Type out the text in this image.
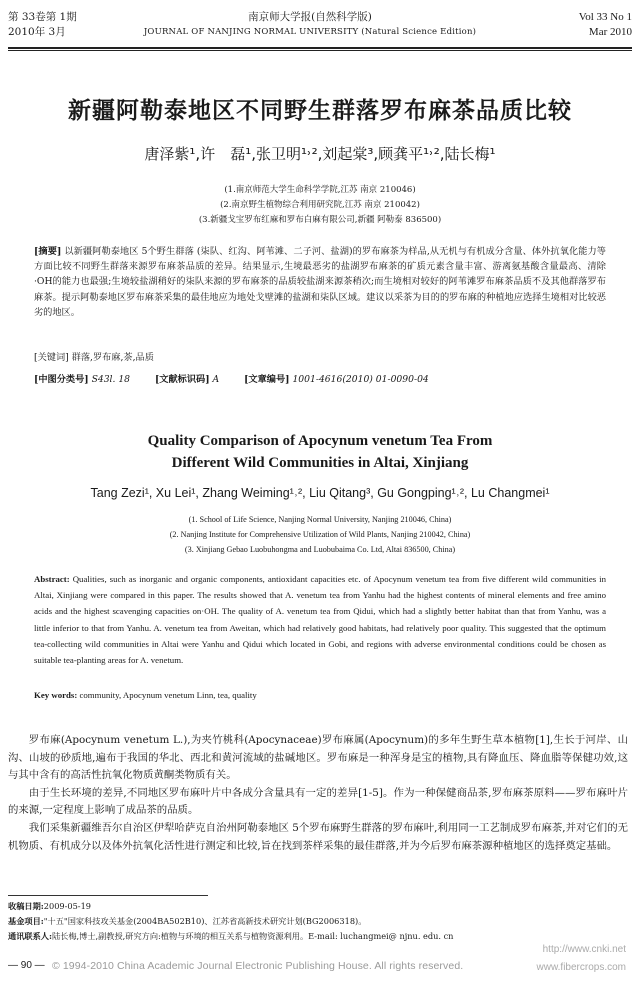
第 33卷第 1期
2010年 3月
南京师大学报(自然科学版)
JOURNAL OF NANJING NORMAL UNIVERSITY (Natural Science Edition)
Vol 33 No 1
Mar 2010
新疆阿勒泰地区不同野生群落罗布麻茶品质比较
唐泽紫¹,许　磊¹,张卫明¹˒²,刘起棠³,顾龚平¹˒²,陆长梅¹
(1.南京师范大学生命科学学院,江苏 南京 210046)
(2.南京野生植物综合利用研究院,江苏 南京 210042)
(3.新疆戈宝罗布红麻和罗布白麻有限公司,新疆 阿勒泰 836500)
[摘要] 以新疆阿勒泰地区 5个野生群落 (柒队、红沟、阿苇滩、二子河、盐湖)的罗布麻茶为样品,从无机与有机成分含量、体外抗氧化能力等方面比较不同野生群落来源罗布麻茶品质的差异。结果显示,生境最恶劣的盐湖罗布麻茶的矿质元素含量丰富、游离氨基酸含量最高、清除·OH的能力也最强;生境较盐湖稍好的柒队来源的罗布麻茶的品质较盐湖来源茶稍次;而生境相对较好的阿苇滩罗布麻茶品质不及其他群落罗布麻茶。提示阿勒泰地区罗布麻茶采集的最佳地应为地处戈壁滩的盐湖和柒队区域。建议以采茶为目的的罗布麻的种植地应选择生境相对比较恶劣的地区。
[关键词] 群落,罗布麻,茶,品质
[中图分类号] S43l. 18	[文献标识码] A	[文章编号] 1001-4616(2010) 01-0090-04
Quality Comparison of Apocynum venetum Tea From
Different Wild Communities in Altai, Xinjiang
Tang Zezi¹, Xu Lei¹, Zhang Weiming¹˒², Liu Qitang³, Gu Gongping¹˒², Lu Changmei¹
(1. School of Life Science, Nanjing Normal University, Nanjing 210046, China)
(2. Nanjing Institute for Comprehensive Utilization of Wild Plants, Nanjing 210042, China)
(3. Xinjiang Gebao Luobuhongma and Luobubaima Co. Ltd, Altai 836500, China)
Abstract: Qualities, such as inorganic and organic components, antioxidant capacities etc. of Apocynum venetum tea from five different wild communities in Altai, Xinjiang were compared in this paper. The results showed that A. venetum tea from Yanhu had the highest contents of mineral elements and free amino acids and the highest scavenging capacities on·OH. The quality of A. venetum tea from Qidui, which had a slightly better habitat than that from Yanhu, was a little inferior to that from Yanhu. A. venetum tea from Aweitan, which had relatively good habitats, had relatively poor quality. This suggested that the optimum tea-collecting wild communities in Altai were Yanhu and Qidui which located in Gobi, and regions with adverse environmental conditions could be chosen as suitable tea-planting areas for A. venetum.
Key words: community, Apocynum venetum Linn, tea, quality

罗布麻(Apocynum venetum L.),为夹竹桃科(Apocynaceae)罗布麻属(Apocynum)的多年生野生草本植物[1],生长于河岸、山沟、山坡的砂质地,遍布于我国的华北、西北和黄河流域的盐碱地区。罗布麻是一种浑身是宝的植物,具有降血压、降血脂等保健功效,这与其中含有的高活性抗氧化物质黄酮类物质有关。

由于生长环境的差异,不同地区罗布麻叶片中各成分含量具有一定的差异[1-5]。作为一种保健商品茶,罗布麻茶原料——罗布麻叶片的来源,一定程度上影响了成品茶的品质。

我们采集新疆维吾尔自治区伊犁哈萨克自治州阿勒泰地区 5个罗布麻野生群落的罗布麻叶,利用同一工艺制成罗布麻茶,并对它们的无机物质、有机成分以及体外抗氧化活性进行测定和比较,旨在找到茶样采集的最佳群落,并为今后罗布麻茶源种植地区的选择奠定基础。

收稿日期:2009-05-19
基金项目:"十五"国家科技攻关基金(2004BA502B10)、江苏省高新技术研究计划(BG2006318)。
通讯联系人:陆长梅,博士,副教授,研究方向:植物与环境的相互关系与植物资源利用。E-mail: luchangmei@ njnu. edu. cn
— 90 — © 1994-2010 China Academic Journal Electronic Publishing House. All rights reserved.
http://www.cnki.net
www.fibercrops.com
